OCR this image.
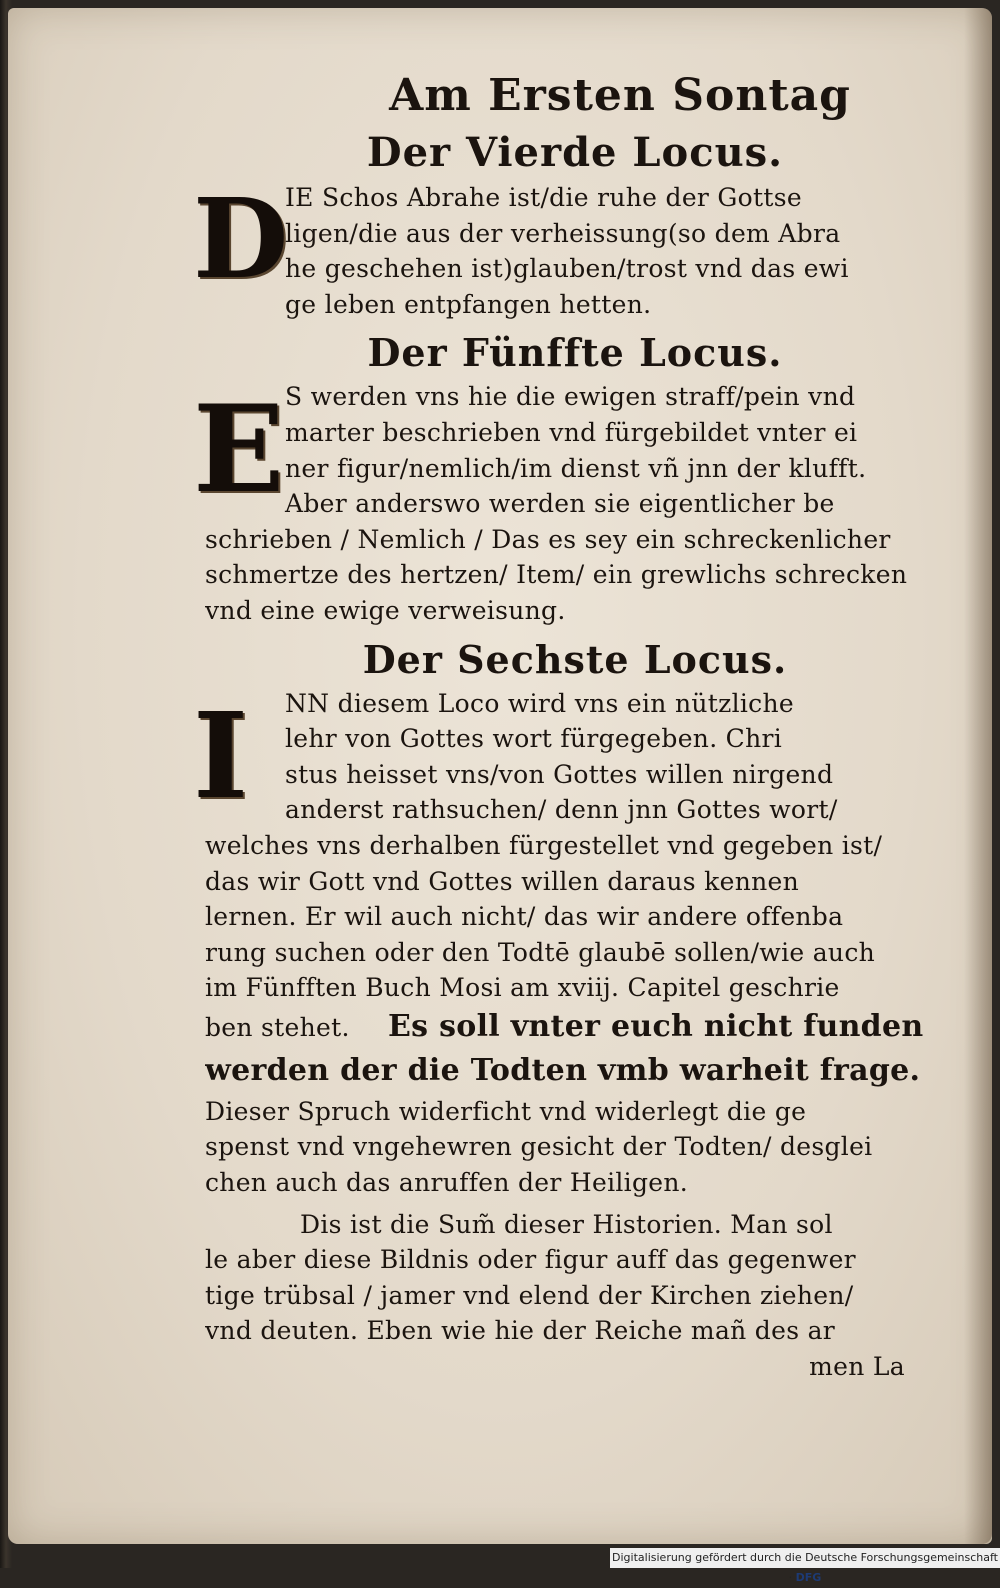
Am Ersten Sontag
Der Vierde Locus.
D
IE Schos Abrahe ist/die ruhe der Gottse
ligen/die aus der verheissung(so dem Abra
he geschehen ist)glauben/trost vnd das ewi
ge leben entpfangen hetten.
Der Fünffte Locus.
E S werden vns hie die ewigen straff/pein vnd
marter beschrieben vnd fürgebildet vnter ei
ner figur/nemlich/im dienst vñ jnn der klufft.
Aber anderswo werden sie eigentlicher be
schrieben / Nemlich / Das es sey ein schreckenlicher
schmertze des hertzen/ Item/ ein grewlichs schrecken
vnd eine ewige verweisung.
Der Sechste Locus.
I	NN diesem Loco wird vns ein nützliche
lehr von Gottes wort fürgegeben. Chri
stus heisset vns/von Gottes willen nirgend
anderst rathsuchen/ denn jnn Gottes wort/
welches vns derhalben fürgestellet vnd gegeben ist/
das wir Gott vnd Gottes willen daraus kennen
lernen. Er wil auch nicht/ das wir andere offenba
rung suchen oder den Todtē glaubē sollen/wie auch
im Fünfften Buch Mosi am xviij. Capitel geschrie
ben stehet. Es soll vnter euch nicht funden
werden der die Todten vmb warheit frage.
Dieser Spruch widerficht vnd widerlegt die ge
spenst vnd vngehewren gesicht der Todten/ desglei
chen auch das anruffen der Heiligen.
Dis ist die Sum̃ dieser Historien. Man sol
le aber diese Bildnis oder figur auff das gegenwer
tige trübsal / jamer vnd elend der Kirchen ziehen/
vnd deuten. Eben wie hie der Reiche mañ des ar
men La
Digitalisierung gefördert durch die Deutsche Forschungsgemeinschaft · DFG
